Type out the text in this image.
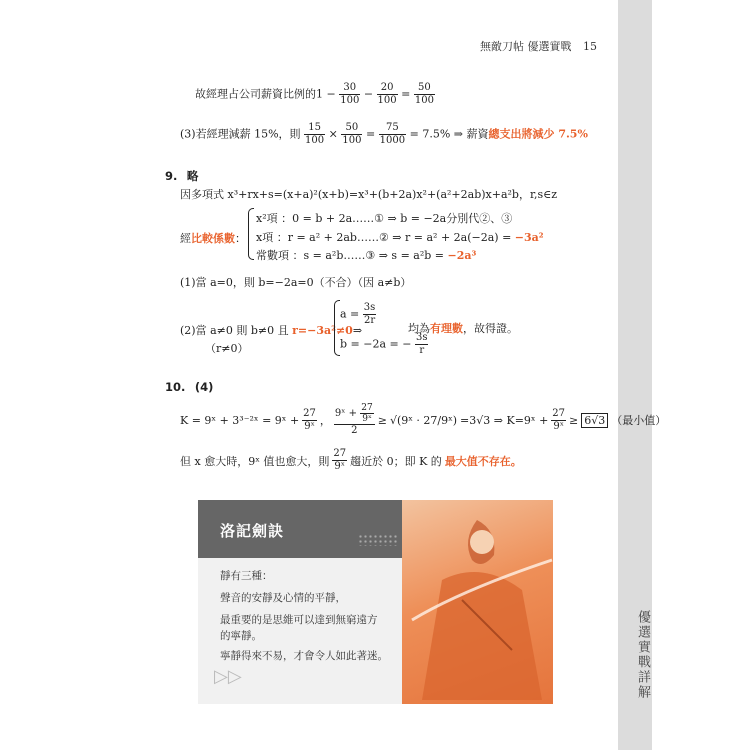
優選實戰詳解
無敵刀帖 優選實戰 15
故經理占公司薪資比例的$1 - \frac{30}{100} - \frac{20}{100} = \frac{50}{100}$
(3)若經理減薪 15%，則 $\frac{15}{100} \times \frac{50}{100} = \frac{75}{1000} = 7.5\%$ ⇒ 薪資總支出將減少 7.5%
9. 略
因多項式 x³+rx+s=(x+a)²(x+b)=x³+(b+2a)x²+(a²+2ab)x+a²b，r,s∈z
經比較係數：
x²項 ：0 = b + 2a……① ⇒ b = −2a分別代②、③
x項 ：r = a² + 2ab……② ⇒ r = a² + 2a(−2a) = −3a²
常數項 ：s = a²b……③ ⇒ s = a²b = −2a³
(1)當 a=0，則 b=−2a=0（不合）（因 a≠b）
(2)當 a≠0 則 b≠0 且 r=−3a²≠0⇒
（r≠0）
$a = \frac{3s}{2r}$
b = −2a = − $\frac{3s}{r}$
均為有理數，故得證。
10. (4)
K = 9ˣ + 3³⁻²ˣ = 9ˣ + $\frac{27}{\text{9ˣ}}$ ， $\frac{9ˣ + \frac{27}{\text{9ˣ}}}{2}$ ≥ √(9ˣ · 27/9ˣ) =3√3 ⇒ K=9ˣ + $\frac{27}{\text{9ˣ}} \ge 6√3$ （最小值）
但 x 愈大時，9ˣ 值也愈大，則 $\frac{27}{\text{9ˣ}}$ 趨近於 0；即 K 的 最大值不存在。
洛記劍訣
靜有三種：
聲音的安靜及心情的平靜，
最重要的是思維可以達到無窮遠方
的寧靜。
寧靜得來不易，才會令人如此著迷。
▷▷
